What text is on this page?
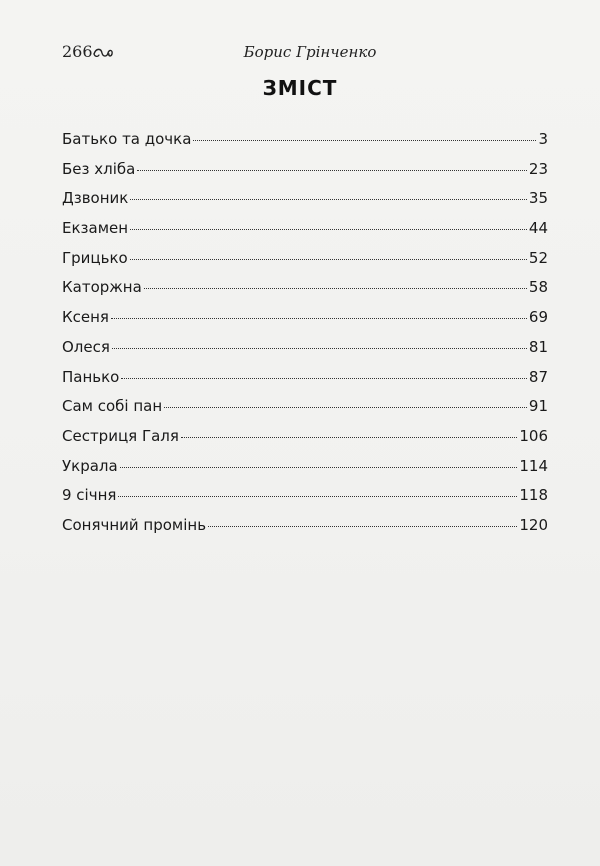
266	Борис Грінченко
ЗМІСТ
Батько та дочка	3
Без хліба	23
Дзвоник	35
Екзамен	44
Грицько	52
Каторжна	58
Ксеня	69
Олеся	81
Панько	87
Сам собі пан	91
Сестриця Галя	106
Украла	114
9 січня	118
Сонячний промінь	120
